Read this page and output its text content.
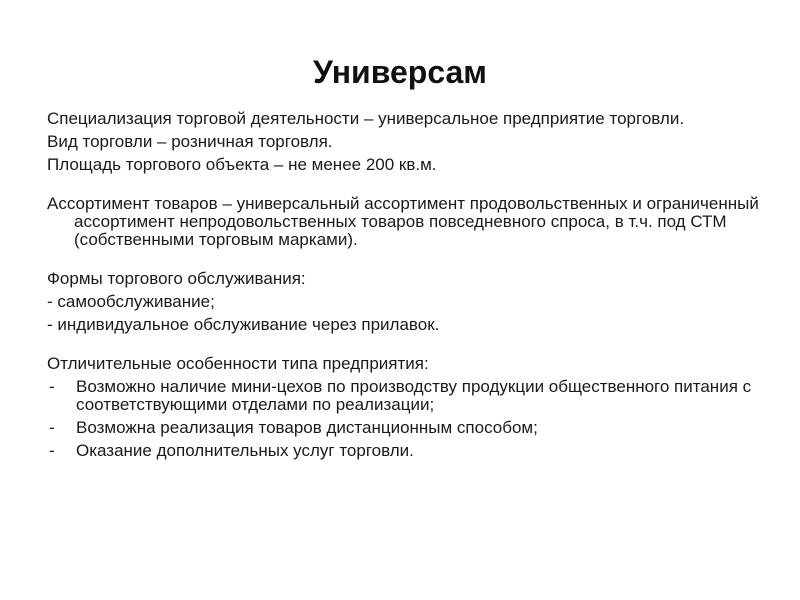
Универсам

Специализация торговой деятельности – универсальное предприятие торговли.

Вид торговли – розничная торговля.

Площадь торгового объекта – не менее 200 кв.м.

Ассортимент товаров – универсальный ассортимент продовольственных и ограниченный ассортимент непродовольственных товаров повседневного спроса, в т.ч. под СТМ (собственными торговым марками).

Формы торгового обслуживания:

- самообслуживание;

- индивидуальное обслуживание через прилавок.

Отличительные особенности типа предприятия:

- Возможно наличие мини-цехов по производству продукции общественного питания с соответствующими отделами по реализации;
- Возможна реализация товаров дистанционным способом;
- Оказание дополнительных услуг торговли.
